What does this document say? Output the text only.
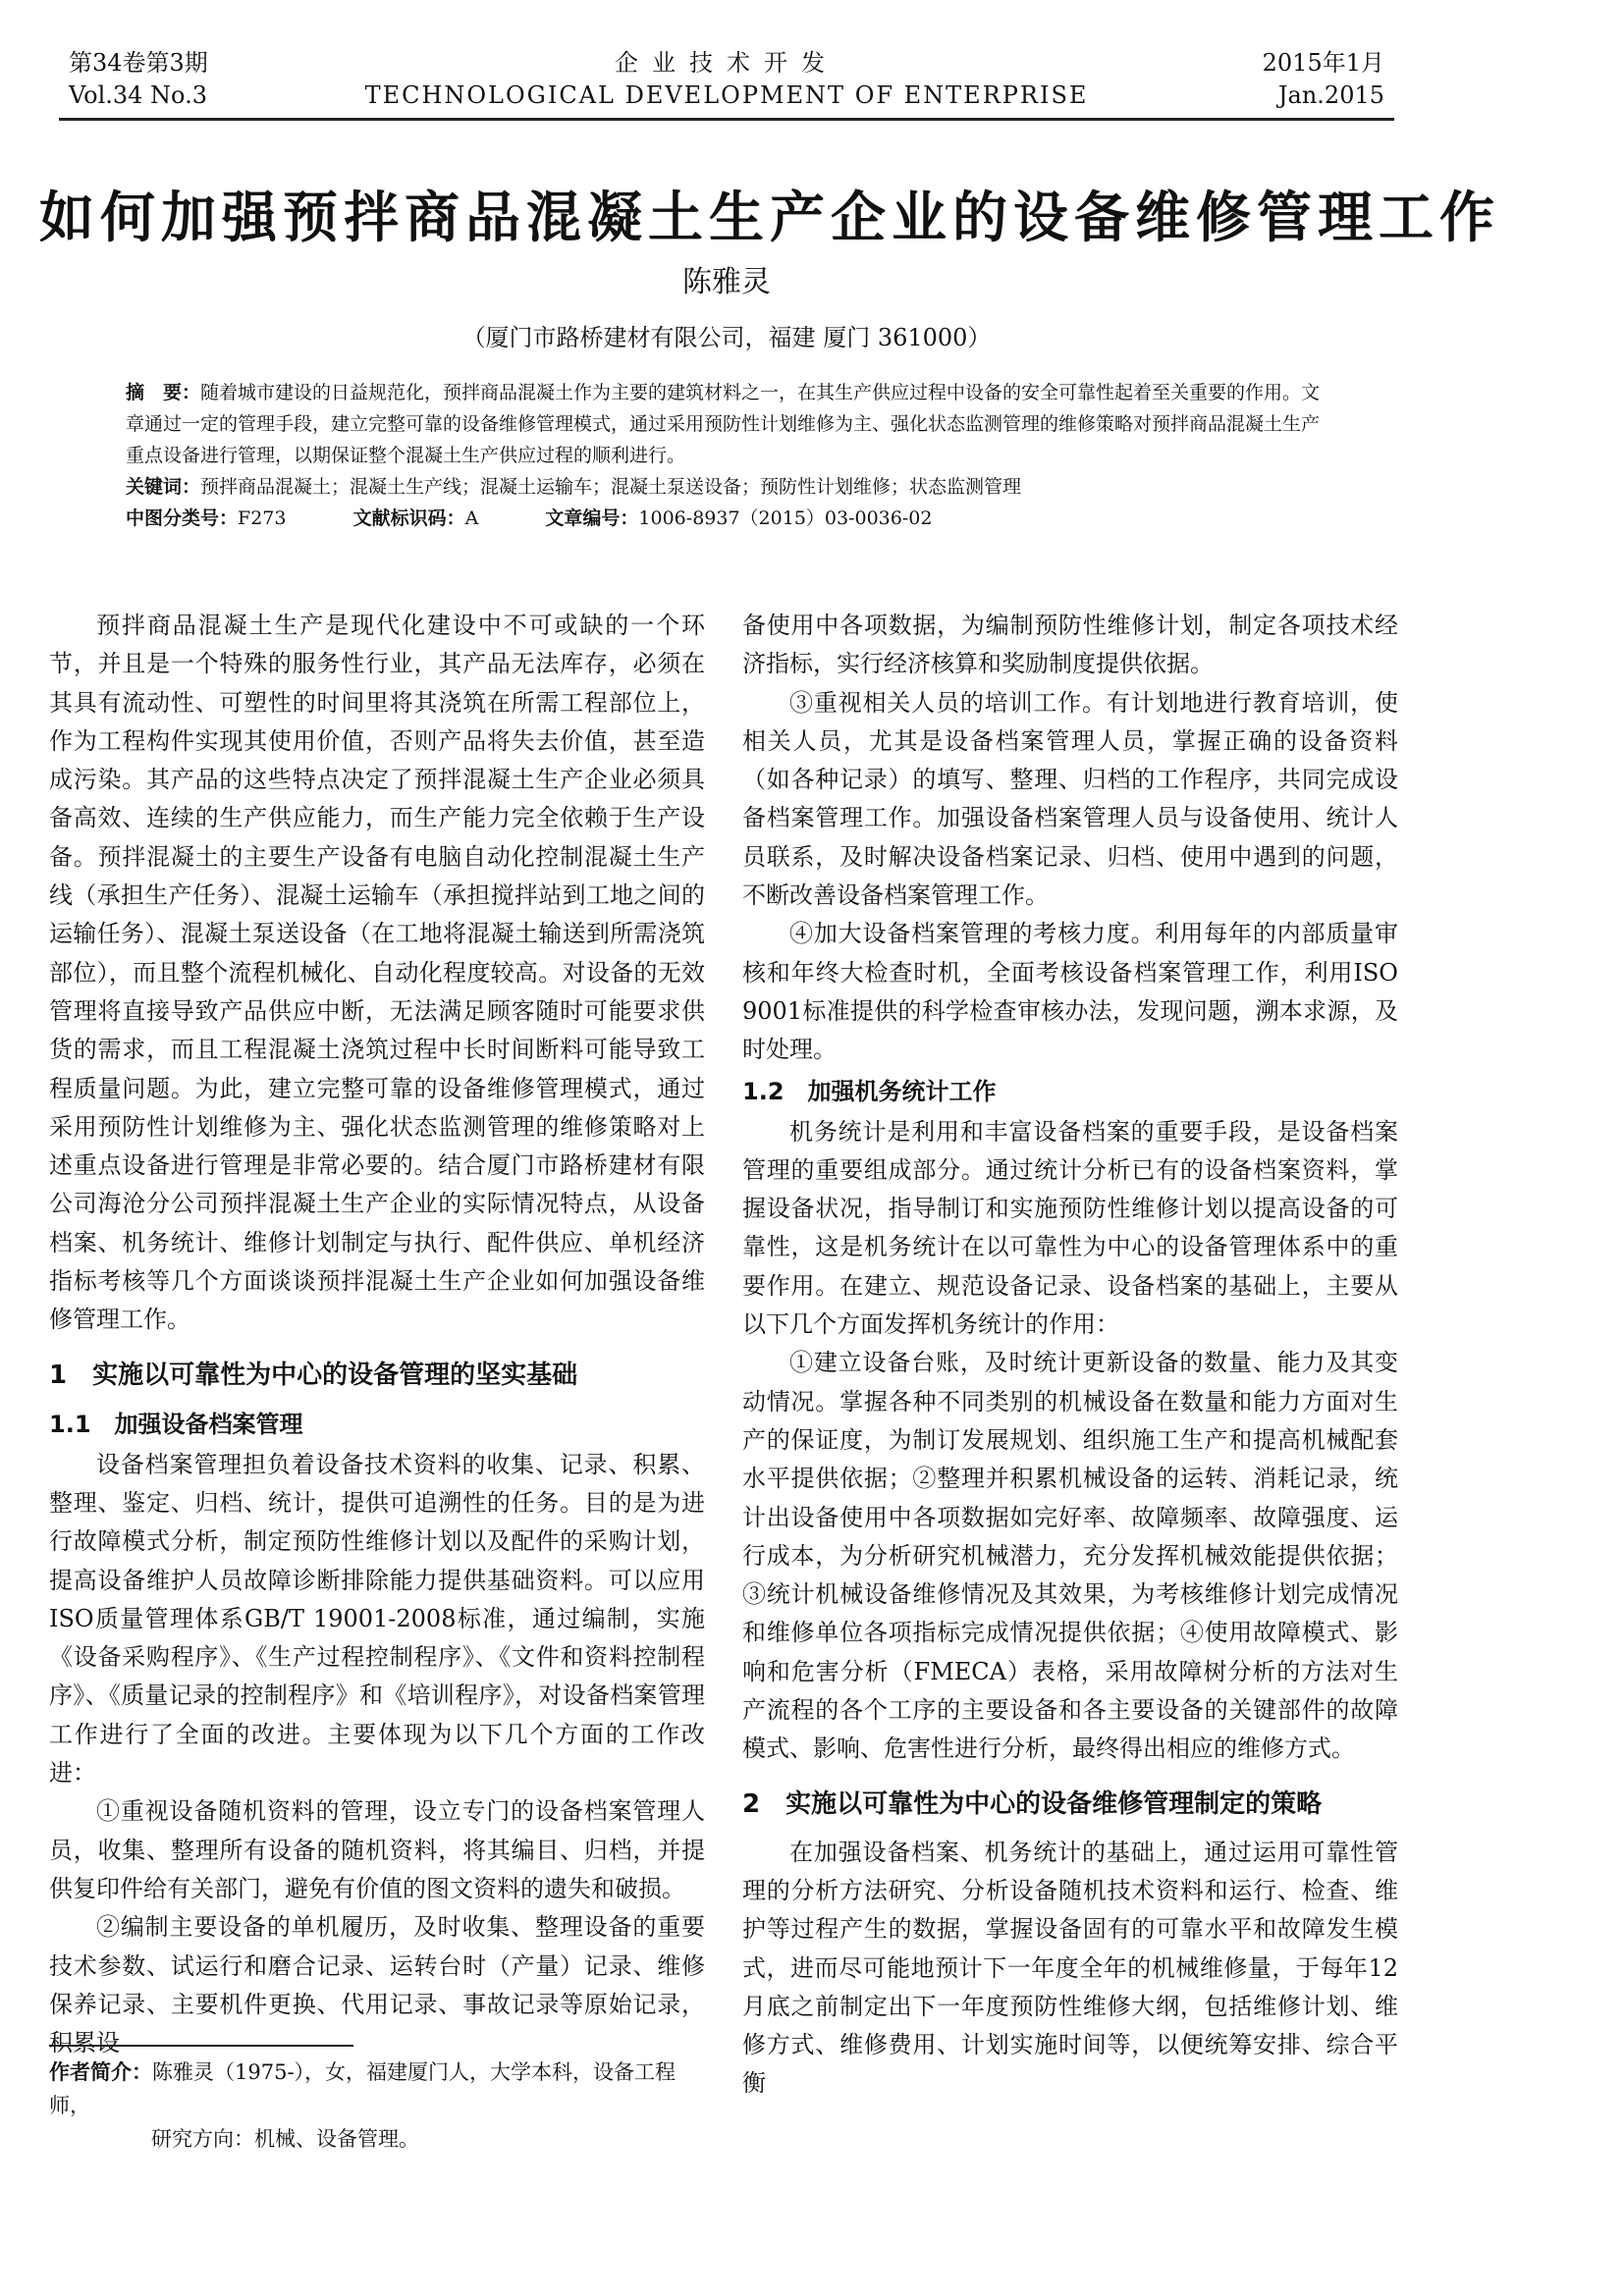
第34卷第3期
Vol.34 No.3
企业技术开发
TECHNOLOGICAL DEVELOPMENT OF ENTERPRISE
2015年1月
Jan.2015
如何加强预拌商品混凝土生产企业的设备维修管理工作
陈雅灵
（厦门市路桥建材有限公司，福建 厦门 361000）

摘　要：随着城市建设的日益规范化，预拌商品混凝土作为主要的建筑材料之一，在其生产供应过程中设备的安全可靠性起着至关重要的作用。文章通过一定的管理手段，建立完整可靠的设备维修管理模式，通过采用预防性计划维修为主、强化状态监测管理的维修策略对预拌商品混凝土生产重点设备进行管理，以期保证整个混凝土生产供应过程的顺利进行。

关键词：预拌商品混凝土；混凝土生产线；混凝土运输车；混凝土泵送设备；预防性计划维修；状态监测管理

中图分类号：F273	文献标识码：A	文章编号：1006-8937（2015）03-0036-02

预拌商品混凝土生产是现代化建设中不可或缺的一个环节，并且是一个特殊的服务性行业，其产品无法库存，必须在其具有流动性、可塑性的时间里将其浇筑在所需工程部位上，作为工程构件实现其使用价值，否则产品将失去价值，甚至造成污染。其产品的这些特点决定了预拌混凝土生产企业必须具备高效、连续的生产供应能力，而生产能力完全依赖于生产设备。预拌混凝土的主要生产设备有电脑自动化控制混凝土生产线（承担生产任务）、混凝土运输车（承担搅拌站到工地之间的运输任务）、混凝土泵送设备（在工地将混凝土输送到所需浇筑部位），而且整个流程机械化、自动化程度较高。对设备的无效管理将直接导致产品供应中断，无法满足顾客随时可能要求供货的需求，而且工程混凝土浇筑过程中长时间断料可能导致工程质量问题。为此，建立完整可靠的设备维修管理模式，通过采用预防性计划维修为主、强化状态监测管理的维修策略对上述重点设备进行管理是非常必要的。结合厦门市路桥建材有限公司海沧分公司预拌混凝土生产企业的实际情况特点，从设备档案、机务统计、维修计划制定与执行、配件供应、单机经济指标考核等几个方面谈谈预拌混凝土生产企业如何加强设备维修管理工作。

1　实施以可靠性为中心的设备管理的坚实基础
1.1　加强设备档案管理

设备档案管理担负着设备技术资料的收集、记录、积累、整理、鉴定、归档、统计，提供可追溯性的任务。目的是为进行故障模式分析，制定预防性维修计划以及配件的采购计划，提高设备维护人员故障诊断排除能力提供基础资料。可以应用ISO质量管理体系GB/T 19001-2008标准，通过编制，实施《设备采购程序》、《生产过程控制程序》、《文件和资料控制程序》、《质量记录的控制程序》和《培训程序》，对设备档案管理工作进行了全面的改进。主要体现为以下几个方面的工作改进：

①重视设备随机资料的管理，设立专门的设备档案管理人员，收集、整理所有设备的随机资料，将其编目、归档，并提供复印件给有关部门，避免有价值的图文资料的遗失和破损。

②编制主要设备的单机履历，及时收集、整理设备的重要技术参数、试运行和磨合记录、运转台时（产量）记录、维修保养记录、主要机件更换、代用记录、事故记录等原始记录，积累设

备使用中各项数据，为编制预防性维修计划，制定各项技术经济指标，实行经济核算和奖励制度提供依据。

③重视相关人员的培训工作。有计划地进行教育培训，使相关人员，尤其是设备档案管理人员，掌握正确的设备资料（如各种记录）的填写、整理、归档的工作程序，共同完成设备档案管理工作。加强设备档案管理人员与设备使用、统计人员联系，及时解决设备档案记录、归档、使用中遇到的问题，不断改善设备档案管理工作。

④加大设备档案管理的考核力度。利用每年的内部质量审核和年终大检查时机，全面考核设备档案管理工作，利用ISO 9001标准提供的科学检查审核办法，发现问题，溯本求源，及时处理。

1.2　加强机务统计工作

机务统计是利用和丰富设备档案的重要手段，是设备档案管理的重要组成部分。通过统计分析已有的设备档案资料，掌握设备状况，指导制订和实施预防性维修计划以提高设备的可靠性，这是机务统计在以可靠性为中心的设备管理体系中的重要作用。在建立、规范设备记录、设备档案的基础上，主要从以下几个方面发挥机务统计的作用：

①建立设备台账，及时统计更新设备的数量、能力及其变动情况。掌握各种不同类别的机械设备在数量和能力方面对生产的保证度，为制订发展规划、组织施工生产和提高机械配套水平提供依据；②整理并积累机械设备的运转、消耗记录，统计出设备使用中各项数据如完好率、故障频率、故障强度、运行成本，为分析研究机械潜力，充分发挥机械效能提供依据；③统计机械设备维修情况及其效果，为考核维修计划完成情况和维修单位各项指标完成情况提供依据；④使用故障模式、影响和危害分析（FMECA）表格，采用故障树分析的方法对生产流程的各个工序的主要设备和各主要设备的关键部件的故障模式、影响、危害性进行分析，最终得出相应的维修方式。

2　实施以可靠性为中心的设备维修管理制定的策略

在加强设备档案、机务统计的基础上，通过运用可靠性管理的分析方法研究、分析设备随机技术资料和运行、检查、维护等过程产生的数据，掌握设备固有的可靠水平和故障发生模式，进而尽可能地预计下一年度全年的机械维修量，于每年12月底之前制定出下一年度预防性维修大纲，包括维修计划、维修方式、维修费用、计划实施时间等，以便统筹安排、综合平衡

作者简介：陈雅灵（1975-），女，福建厦门人，大学本科，设备工程师，
研究方向：机械、设备管理。
